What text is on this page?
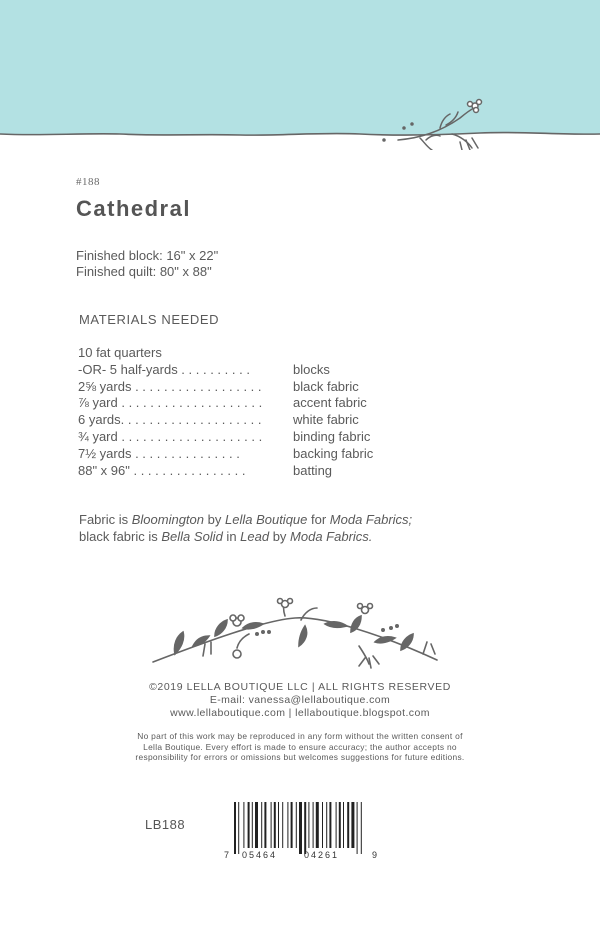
#188
Cathedral
Finished block: 16" x 22"
Finished quilt: 80" x 88"
MATERIALS NEEDED
10 fat quarters
-OR- 5 half-yards . . . . . . . . . .	blocks
2⅝ yards . . . . . . . . . . . . . . . . . .	black fabric
⅞ yard . . . . . . . . . . . . . . . . . . . .	accent fabric
6 yards. . . . . . . . . . . . . . . . . . . .	white fabric
¾ yard . . . . . . . . . . . . . . . . . . . .	binding fabric
7½ yards . . . . . . . . . . . . . . .	backing fabric
88" x 96" . . . . . . . . . . . . . . . .	batting
Fabric is Bloomington by Lella Boutique for Moda Fabrics;
black fabric is Bella Solid in Lead by Moda Fabrics.
©2019 LELLA BOUTIQUE LLC | ALL RIGHTS RESERVED
E-mail: vanessa@lellaboutique.com
www.lellaboutique.com | lellaboutique.blogspot.com
No part of this work may be reproduced in any form without the written consent of Lella Boutique. Every effort is made to ensure accuracy; the author accepts no responsibility for errors or omissions but welcomes suggestions for future editions.
LB188
7 05464	04261	9
